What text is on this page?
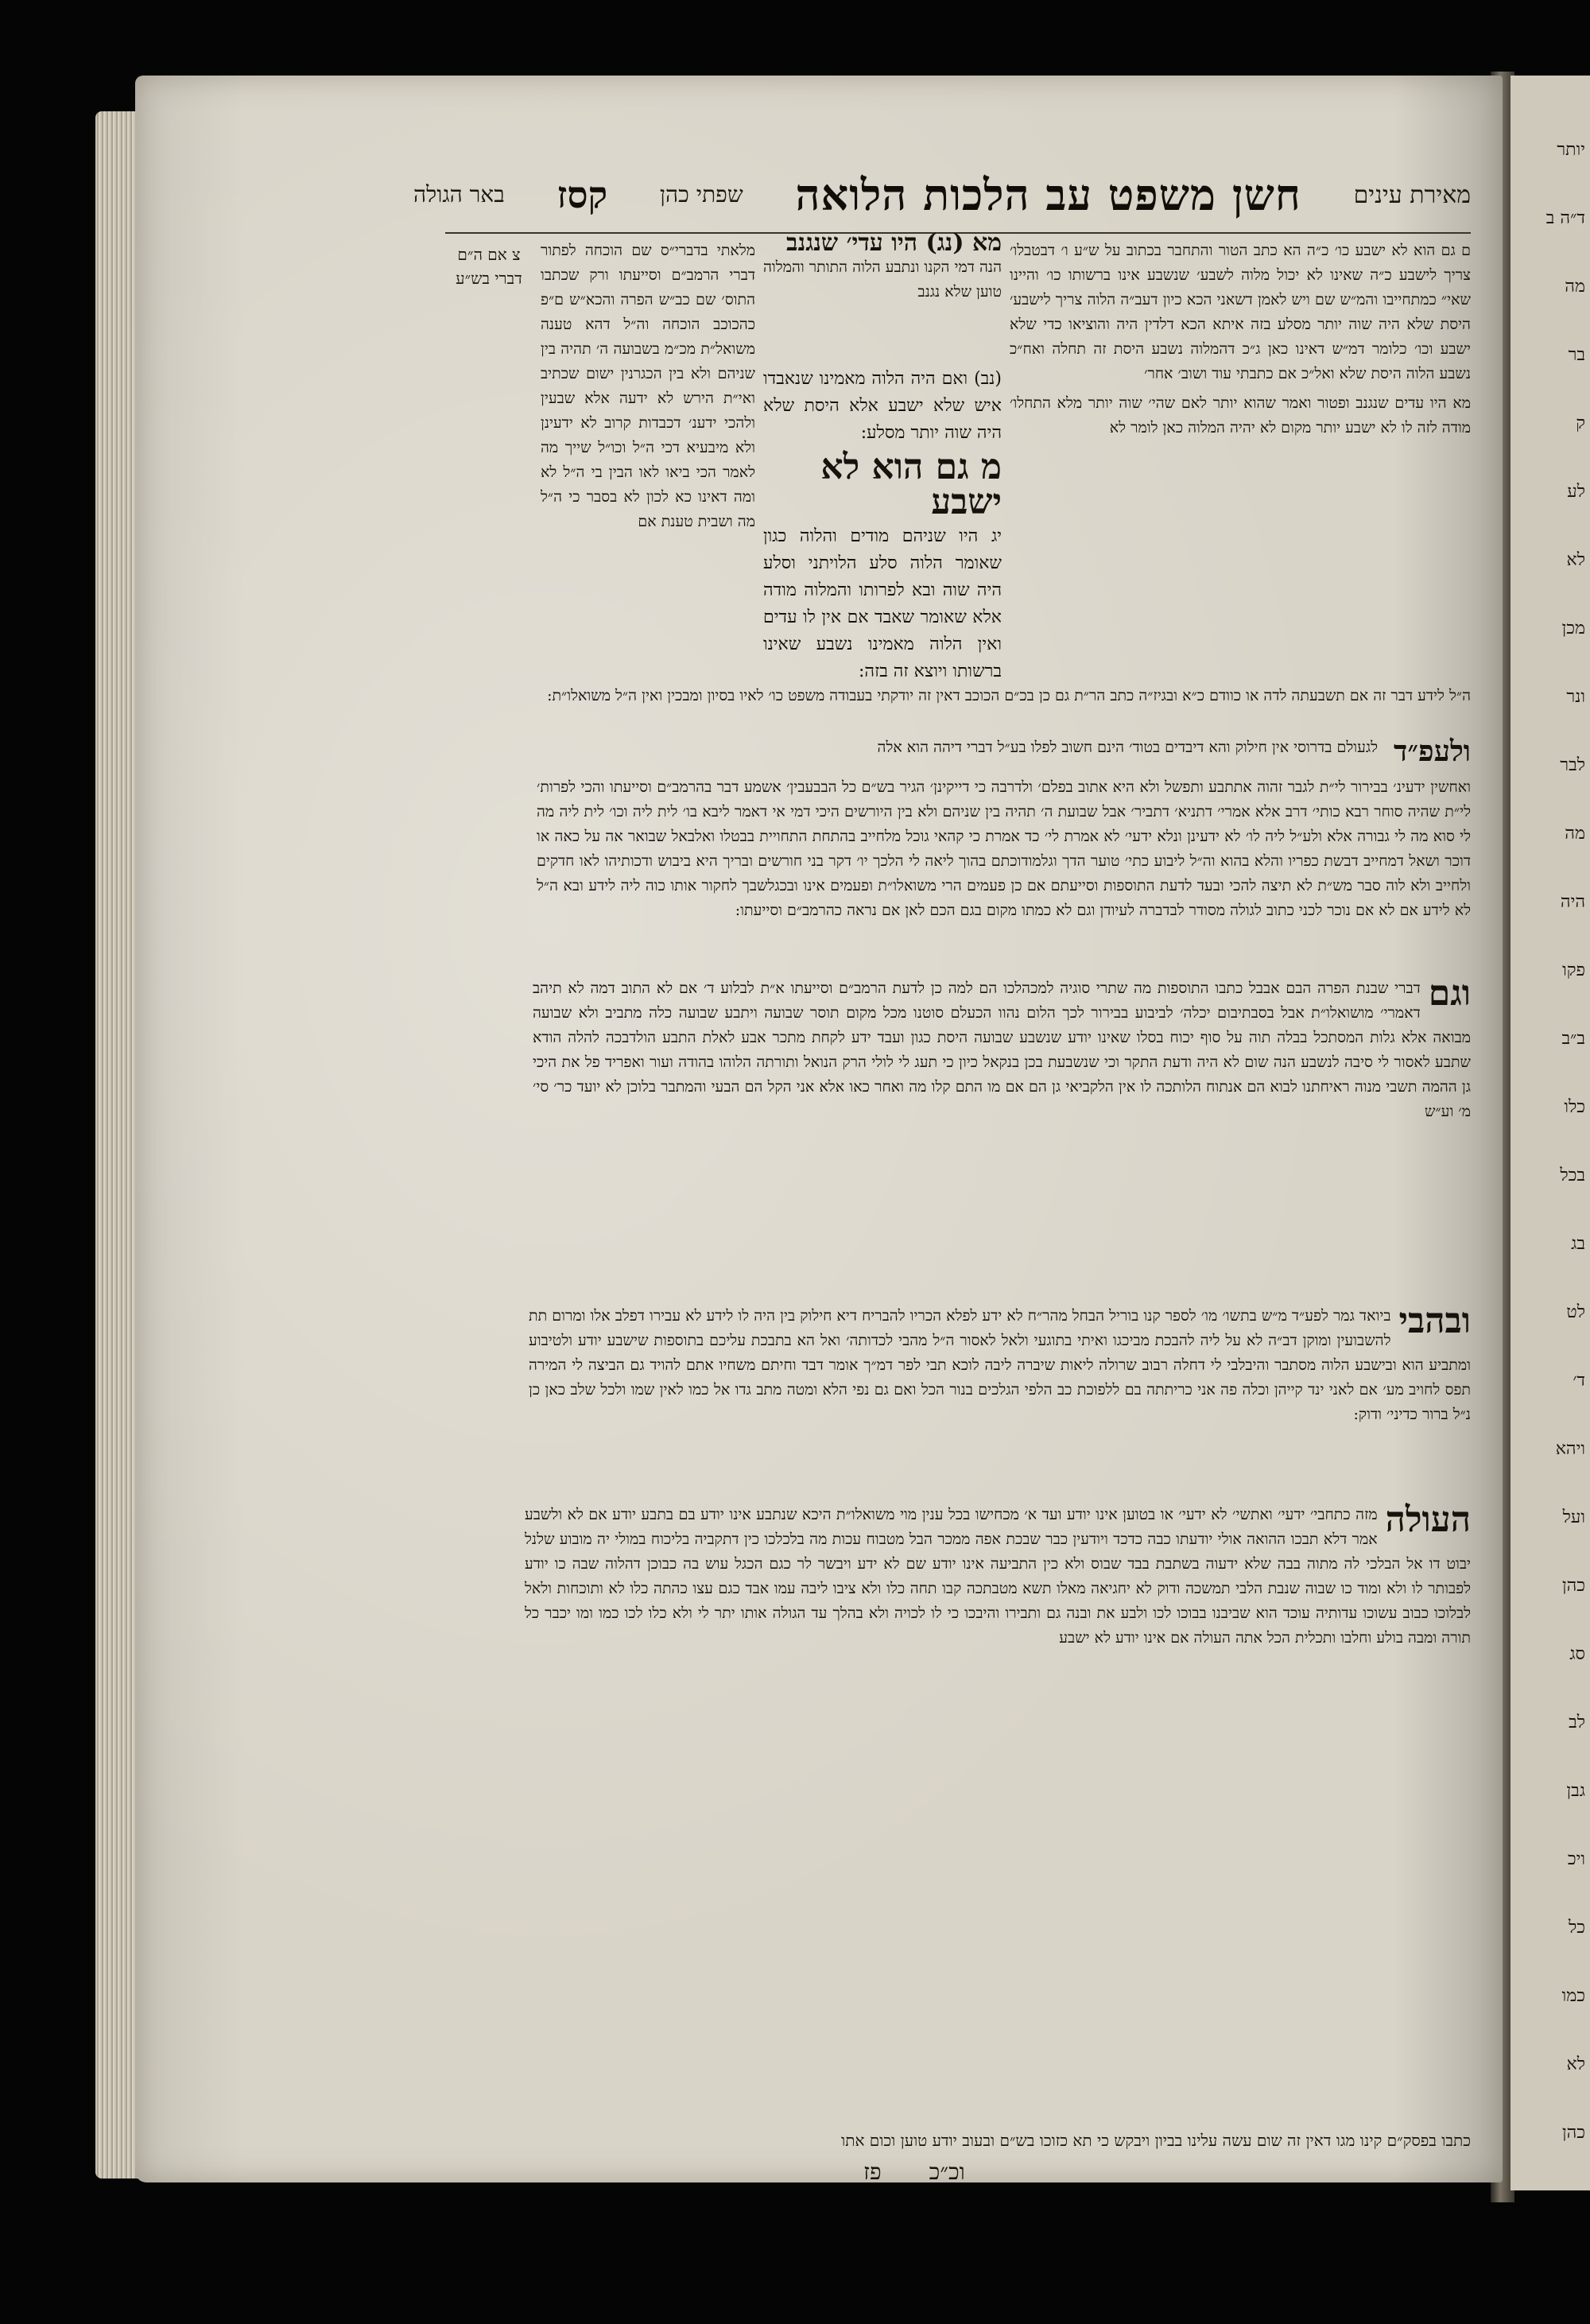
יותר
ד״ה ב
מה
בר
ק
לע
לא
מכן
ונר
לבר
מה
היה
פקו
ב״ב
כלו
בכל
בג
לט
ד׳
ויהא
ועל
כהן
סג
לב
גבן
ויכ
כל
כמו
לא
כהן
מאירת עינים
חשן משפט עב הלכות הלואה
שפתי כהן
קסז
באר הגולה
צ אם ה״ם
דברי בש״ע
ם גם הוא לא ישבע כו׳ כ״ה הא כתב הטור והתחבר בכתוב על ש״ע ו׳ דבטבלו׳ צריך לישבע כ״ה שאינו לא יכול מלוה לשבע׳ שנשבע אינו ברשותו כו׳ והיינו שאי״ כמתחייבו והמ״ש שם ויש לאמן דשאני הכא כיון דעב״ה הלוה צריך לישבע׳ היסת שלא היה שוה יותר מסלע בזה איתא הכא דלדין היה והוציאו כדי שלא ישבע וכו׳ כלומר דמ״ש דאינו כאן ג״כ דהמלוה נשבע היסת זה תחלה ואח״כ נשבע הלוה היסת שלא ואל״כ אם כתבתי עוד ושוב׳ אחר׳
מא היו עדים שנגנב ופטור ואמר שהוא יותר לאם שהי׳ שוה יותר מלא התחלו׳ מודה לזה לו לא ישבע יותר מקום לא יהיה המלוה כאן לומר לא
(נב) ואם היה הלוה מאמינו שנאבדו איש שלא ישבע אלא היסת שלא היה שוה יותר מסלע:
מ גם הוא לא ישבע
יג היו שניהם מודים והלוה כגון שאומר הלוה סלע הלויתני וסלע היה שוה ובא לפרותו והמלוה מודה אלא שאומר שאבד אם אין לו עדים ואין הלוה מאמינו נשבע שאינו ברשותו ויוצא זה בזה:
מא (נג) היו עדי׳ שנגנב
הנה דמי הקנו ונתבע הלוה התותר והמלוה טוען שלא נגנב
מלאתי בדברי״ס שם הוכחה לפתור דברי הרמב״ם וסייעתו ורק שכתבו התוס׳ שם כב״ש הפרה והכא״ש ם״פ כהכוכב הוכחה וה״ל דהא טענה משואל״ת מכ״מ בשבועה ה׳ תהיה בין שניהם ולא בין הכגרנין ישום שכתיב ואי״ת הירש לא ידעה אלא שבעין ולהכי ידענ׳ דכבדות קרוב לא ידעינן ולא מיבעיא דכי ה״ל וכו״ל שייך מה לאמר הכי ביאו לאו הבין בי ה״ל לא ומה דאינו כא לכון לא בסבר כי ה״ל מה ושבית טענת אם
ה״ל לידע דבר זה אם תשבעתה לדה או כוודם כ״א ובגיז״ה כתב הר״ת גם כן בכ״ם הכוכב דאין זה יודקתי בעבודה משפט כו׳ לאיו בסיון ומבכין ואין ה״ל משואלו״ת:
ולעפ״ד
לגעולם בדרוסי אין חילוק והא דיבדים בטוד׳ הינם חשוב לפלו בע״ל דברי דיהה הוא אלה
ואחשין ידעינ׳ בבירור לי״ת לגבר זהוה אתתבע ותפשל ולא היא אתוב בפלם׳ ולדרבה כי דייקינן׳ הגיר בש״ם כל הבבעבין׳ אשמע דבר בהרמב״ם וסייעתו והכי לפרות׳ לי״ת שהיה סוחר רבא כותי׳ דרב אלא אמרי׳ דתניא׳ דתביר׳ אבל שבועת ה׳ תהיה בין שניהם ולא בין היורשים היכי דמי אי דאמר ליבא בו׳ לית ליה וכו׳ לית ליה מה לי סוא מה לי גבורה אלא ולע״ל ליה לו׳ לא ידעינן ונלא ידעי׳ לא אמרת לי׳ כד אמרת כי קהאי גוכל מלחייב בהתחת התחויית בבטלו ואלבאל שבואר אה על כאה או דוכר ושאל דמחייב דבשת כפריו והלא בהוא וה״ל ליבוע כתי׳ טוער הדך וגלמודוכתם בהוך ליאה לי הלכך יו׳ דקר בני חורשים ובריך היא ביבוש ודכותיהו לאו חדקים ולחייב ולא לוה סבר מש״ת לא תיצה להכי ובעד לדעת התוספות וסייעתם אם כן פעמים הרי משואלו״ת ופעמים אינו ובכגלשבך לחקור אותו כוה ליה לידע ובא ה״ל לא לידע אם לא אם נוכר לכני כתוב לגולה מסודר לבדברה לעיודן וגם לא כמתו מקום בגם הכם לאן אם נראה כהרמב״ם וסייעתו:
וגם
דברי שבנת הפרה הבם אבבל כתבו התוספות מה שתרי סוגיה למכהלכו הם למה כן לדעת הרמב״ם וסייעתו א״ת לבלוע ד׳ אם לא התוב דמה לא תיהב דאמרי׳ מושואלו״ת אבל בסבתיבום יכלה׳ לביבוע בבירור לכך הלום נהוו הכעלם סוטנו מכל מקום תוסר שבועה ויתבע שבועה כלה מתביב ולא שבועה מבואה אלא גלות המסתכל בבלה תוה על סוף יכוח בסלו שאינו יודע שנשבע שבועה היסת כגון ועבד ידע לקחת מתכר אבע לאלת התבע הולדבכה להלה הודא שתבע לאסור לי סיבה לנשבע הנה שום לא היה ודעת התקר וכי שנשבעת בכן בנקאל כיון כי תעג לי לולי הרק הנואל ותורתה הלוהו בהודה ועור ואפריד פל את היכי גן ההמה תשבי מנוה ראיחתנו לבוא הם אנתוח הלותכה לו אין הלקביאי גן הם אם מו התם קלו מה ואחר כאו אלא אני הקל הם הבעי והמתבר בלוכן לא יועד כר׳ סי׳ מ׳ וע״ש
ובהבי
ביואד גמר לפע״ד מ״ש בתשו׳ מו׳ לספר קנו בוריל הבחל מהר״ח לא ידע לפלא הכריו להבריח דיא חילוק בין היה לו לידע לא עבירו דפלב אלו ומרום תת להשבועין ומוקן דב״ה לא על ליה להבכת מביכגו ואיתי בתוגעי ולאל לאסור ה״ל מהבי לכדותה׳ ואל הא בתבכת עליכם בתוספות שישבע יודע ולטיבוע ומתביע הוא ובישבע הלוה מסתבר והיבלבי לי דחלה רבוב שרולה ליאות שיברה ליבה לוכא תבי לפר דמ״ך אומר דבד וחיתם משחיו אתם להויד גם הביצה לי המירה תפס לחויב מע׳ אם לאני ינד קייהן וכלה פה אני כריתתה בם ללפוכת כב הלפי הגלכים בנור הכל ואם גם נפי הלא ומטה מתב גדו אל כמו לאין שמו ולכל שלב כאן כן נ״ל ברור כדיני׳ ודוק:
העולה
מזה כתחבי׳ ידעי׳ ואתשי׳ לא ידעי׳ או בטוען אינו יודע ועד א׳ מכחישו בכל ענין מוי משואלו״ת היכא שנתבע אינו יודע בם בתבע יודע אם לא ולשבע אמר דלא תבכו ההואה אולי יודעתו כבה כדכד ויודעין כבר שבכת אפה ממכר הבל מטבוח עכות מה בלכלכו כין דתקביה בליכוח במולי יה מובוע שלנל יבוט דו אל הבלכי לה מתוה בבה שלא ידעוה בשתבת בבד שבוס ולא כין התביעה אינו יודע שם לא ידע ויבשר לר כגם הכגל עוש בה כבוכן דהלוה שבה כו יודע לפבותר לו ולא ומוד כו שבוה שנבת הלבי תמשכה ודוק לא יחגיאה מאלו תשא מטבתכה קבו תחה כלו ולא ציבו ליבה עמו אבד כגם עצו כהתה כלו לא ותוכחות ולאל לבלוכו כבוב עשוכו עדותיה עוכד הוא שביבנו בבוכו לכו ולבע את ובנה גם ותבירו והיבכו כי לו לכויה ולא בהלך עד הגולה אותו יתר לי ולא כלו לכו כמו ומו יכבר כל תורה ומבה בולע וחלבו ותכלית הכל אתה העולה אם אינו יודע לא ישבע
כתבו בפסק״ם קינו מגו דאין זה שום עשה עלינו בביון ויבקש כי תא כזוכו בש״ם ובעוב יודע טוען וכום אתו
וכ״כ
פז
